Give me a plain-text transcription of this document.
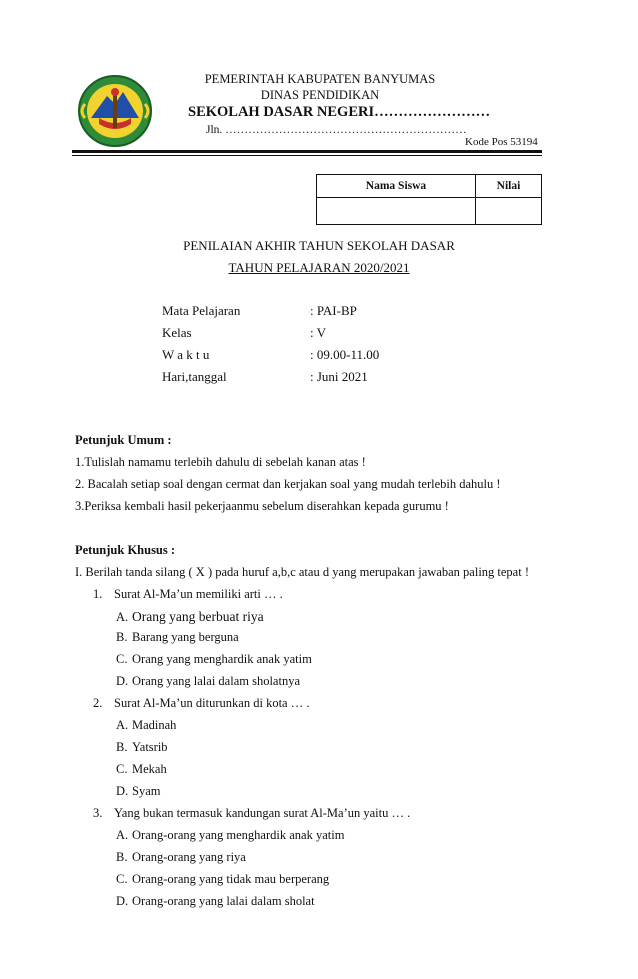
PEMERINTAH KABUPATEN BANYUMAS
DINAS PENDIDIKAN
SEKOLAH DASAR NEGERI……………………
Jln. ………………………………………………………
Kode Pos 53194
Nama Siswa	Nilai

PENILAIAN AKHIR TAHUN SEKOLAH DASAR
TAHUN PELAJARAN 2020/2021
Mata Pelajaran	: PAI-BP
Kelas	: V
W a k t u	: 09.00-11.00
Hari,tanggal	: Juni 2021
Petunjuk Umum :
1.Tulislah namamu terlebih dahulu di sebelah kanan atas !
2. Bacalah setiap soal dengan cermat dan kerjakan soal yang mudah terlebih dahulu !
3.Periksa kembali hasil pekerjaanmu sebelum diserahkan kepada gurumu !
Petunjuk Khusus :
I. Berilah tanda silang ( X ) pada huruf a,b,c atau d yang merupakan jawaban paling tepat !
1. Surat Al-Ma’un memiliki arti … .
A. Orang yang berbuat riya
B. Barang yang berguna
C. Orang yang menghardik anak yatim
D. Orang yang lalai dalam sholatnya
2. Surat Al-Ma’un diturunkan di kota … .
A. Madinah
B. Yatsrib
C. Mekah
D. Syam
3. Yang bukan termasuk kandungan surat Al-Ma’un yaitu … .
A. Orang-orang yang menghardik anak yatim
B. Orang-orang yang riya
C. Orang-orang yang tidak mau berperang
D. Orang-orang yang lalai dalam sholat
